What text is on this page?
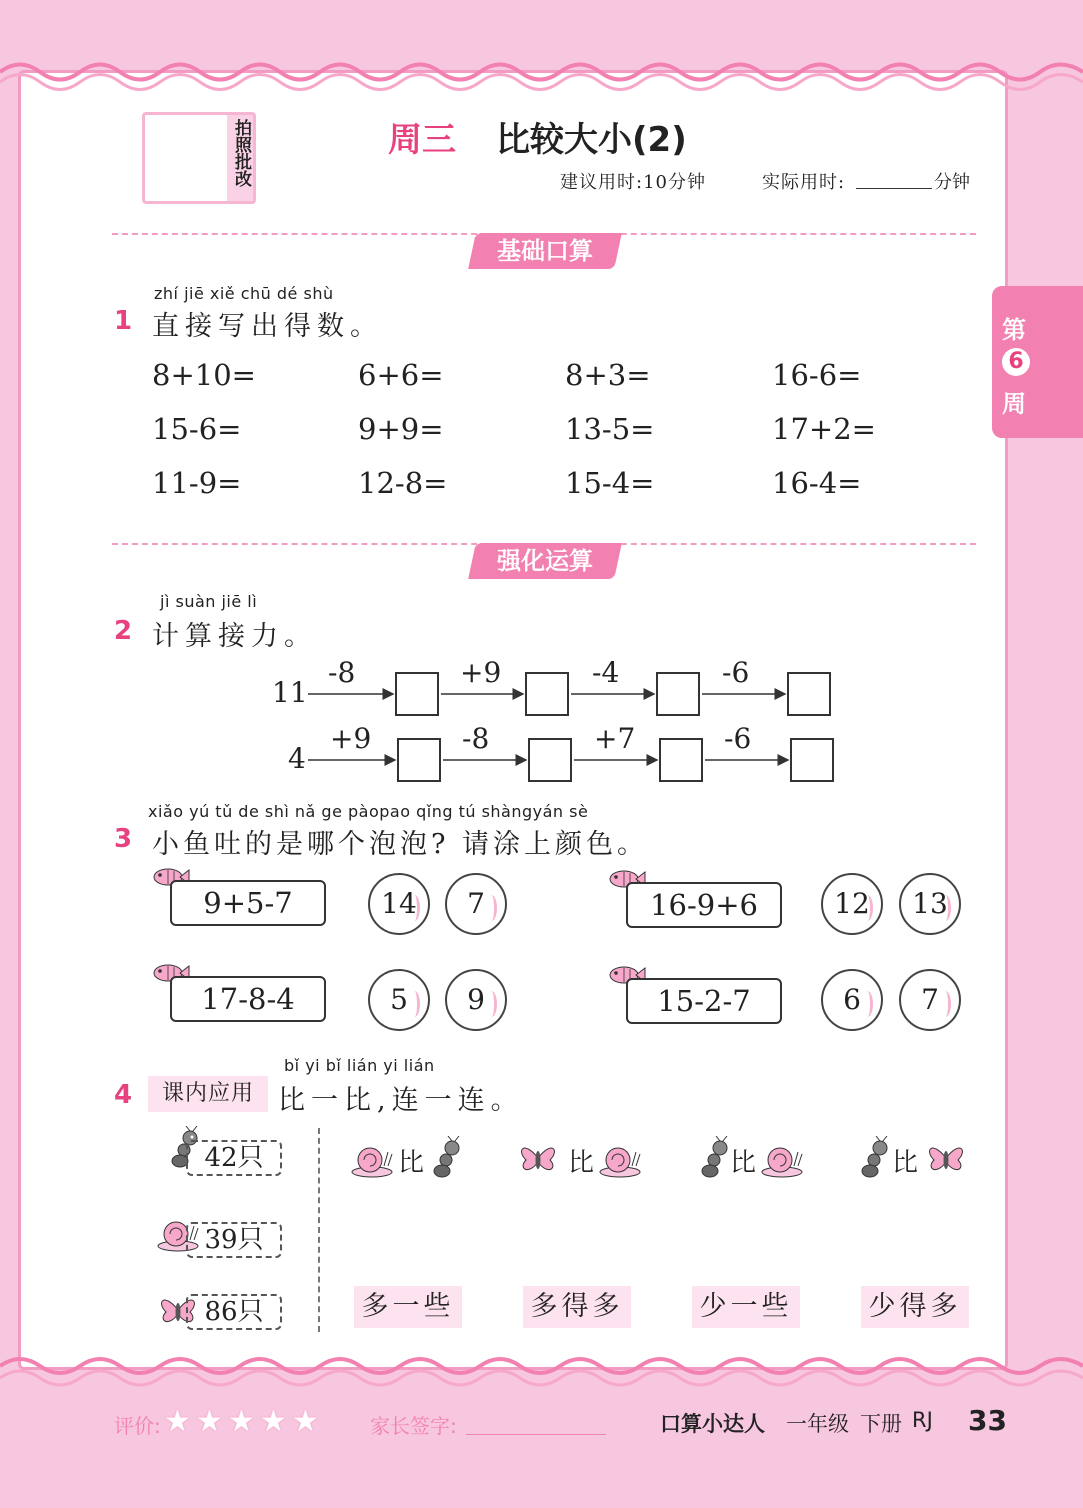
拍照批改	周三 比较大小(2)
建议用时:10分钟	实际用时:	分钟
第
6
周
基础口算
zhí jiē xiě chū dé shù
1 直接写出得数。
8+10=	6+6=	8+3=	16-6=
15-6=	9+9=	13-5=	17+2=
11-9=	12-8=	15-4=	16-4=
强化运算
jì suàn jiē lì
2 计算接力。
11
-8	+9	-4	-6
4
+9	-8	+7	-6
xiǎo yú tǔ de shì nǎ ge pàopao qǐng tú shàngyán sè
3 小鱼吐的是哪个泡泡? 请涂上颜色。
9+5-7	14	7	16-9+6	12	13
17-8-4	5	9	15-2-7	6	7
bǐ yi bǐ lián yi lián
4	课内应用 比一比,连一连。
42只
39只
86只
比	比	比	比
多一些	多得多	少一些	少得多
评价: ★ ★ ★ ★ ★	家长签字:	口算小达人 一年级 下册 RJ 33
